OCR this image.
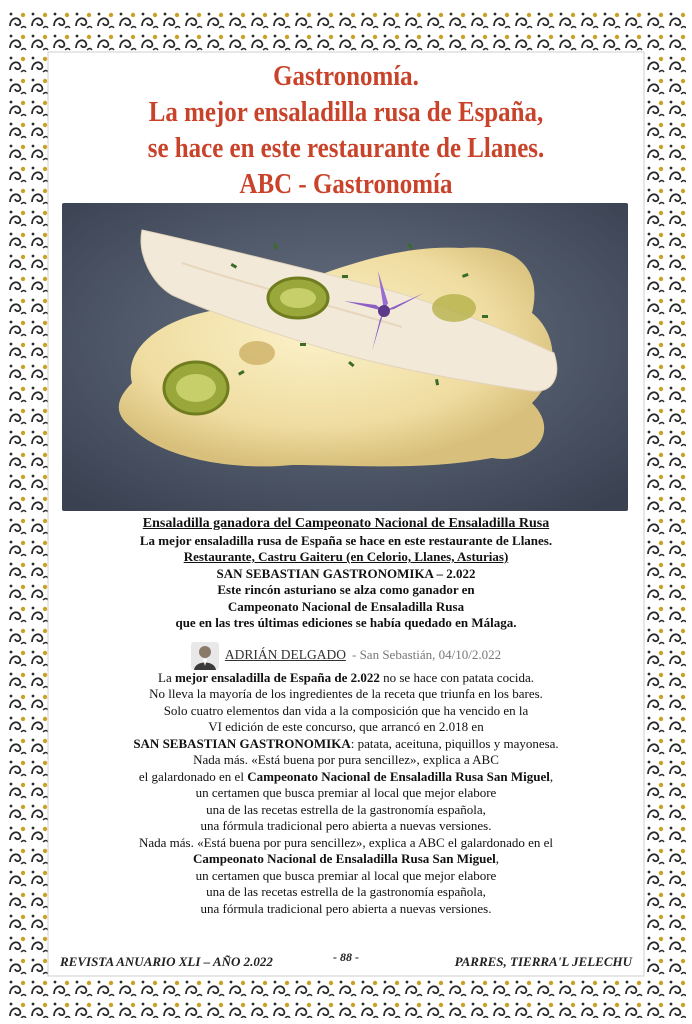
Gastronomía.
La mejor ensaladilla rusa de España,
se hace en este restaurante de Llanes.
ABC - Gastronomía
Ensaladilla ganadora del Campeonato Nacional de Ensaladilla Rusa
La mejor ensaladilla rusa de España se hace en este restaurante de Llanes.
Restaurante, Castru Gaiteru (en Celorio, Llanes, Asturias)
SAN SEBASTIAN GASTRONOMIKA – 2.022
Este rincón asturiano se alza como ganador en
Campeonato Nacional de Ensaladilla Rusa
que en las tres últimas ediciones se había quedado en Málaga.
ADRIÁN DELGADO - San Sebastián, 04/10/2.022
La mejor ensaladilla de España de 2.022 no se hace con patata cocida.
No lleva la mayoría de los ingredientes de la receta que triunfa en los bares.
Solo cuatro elementos dan vida a la composición que ha vencido en la
VI edición de este concurso, que arrancó en 2.018 en
SAN SEBASTIAN GASTRONOMIKA: patata, aceituna, piquillos y mayonesa.
Nada más. «Está buena por pura sencillez», explica a ABC
el galardonado en el Campeonato Nacional de Ensaladilla Rusa San Miguel,
un certamen que busca premiar al local que mejor elabore
una de las recetas estrella de la gastronomía española,
una fórmula tradicional pero abierta a nuevas versiones.
Nada más. «Está buena por pura sencillez», explica a ABC el galardonado en el
Campeonato Nacional de Ensaladilla Rusa San Miguel,
un certamen que busca premiar al local que mejor elabore
una de las recetas estrella de la gastronomía española,
una fórmula tradicional pero abierta a nuevas versiones.
REVISTA ANUARIO XLI – AÑO 2.022	- 88 -	PARRES, TIERRA'L JELECHU
